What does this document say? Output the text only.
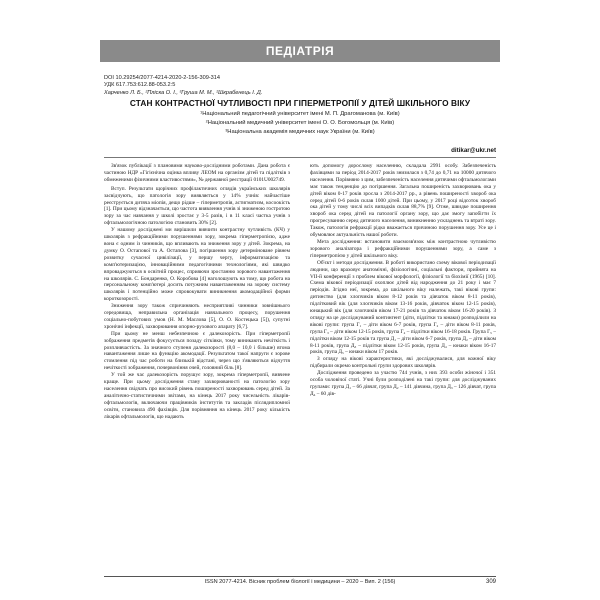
ПЕДІАТРІЯ
DOI 10.29254/2077-4214-2020-2-156-309-314
УДК 617.753:612.88-053.2:5
Харченко Л. Б., ²Пліска О. І., ³Груша М. М., ²Шкрабенець І. Д.
СТАН КОНТРАСТНОЇ ЧУТЛИВОСТІ ПРИ ГІПЕРМЕТРОПІЇ У ДІТЕЙ ШКІЛЬНОГО ВІКУ
¹Національний педагогічний університет імені М. П. Драгоманова (м. Київ)
²Національний медичний університет імені О. О. Богомольця (м. Київ)
³Національна академія медичних наук України (м. Київ)
ditikar@ukr.net

Зв'язок публікації з плановими науково-дослідними роботами. Дана робота є частиною НДР «Гігієнічна оцінка впливу ЛЕОМ на організм дітей та підлітків з обмеженими фізичними властивостями», № державної реєстрації 0101U002749.

Вступ. Результати щорічних профілактичних оглядів українських школярів засвідчують, що патологія зору виявляється у 14% учнів: найчастіше реєструється дитяча міопія, дещо рідше – гіперметропія, астигматизм, косоокість [1]. При цьому відзначається, що частота виявлення учнів зі зниженою гостротою зору за час навчання у школі зростає у 3-5 разів, і в 11 класі частка учнів з офтальмологічною патологією становить 30% [2].

У нашому досліджені ми вирішили вивчити контрастну чутливість (КЧ) у школярів з рефракційними порушеннями зору, зокрема гіперметропією, адже вона є одним із чинників, що впливають на зниження зору у дітей. Зокрема, на думку О. Остапової та А. Остапова [3], погіршення зору детерміноване рівнем розвитку сучасної цивілізації, у першу чергу, інформатизацією та комп'ютеризацією, інноваційними педагогічними технологіями, які швидко впроваджуються в освітній процес, сприяючи зростанню зорового навантаження на школярів. С. Бондаренко, О. Коробова [4] наголошують на тому, що робота на персональному комп'ютері досить потужним навантаженням на зорову систему школярів і потенційно може спровокувати виникнення акомодаційної форми короткозорості.

Зниження зору також спричиняють несприятливі чинники зовнішнього середовища, неправильна організація навчального процесу, порушення соціально-побутових умов (Н. М. Маслова [5], О. О. Костецька [5]), супутні хронічні інфекції, захворювання опорно-рухового апарату [6,7].

При цьому не менш небезпечною є далекозорість. При гіперметропії зображення предметів фокусується позаду сітківки, тому виникають нечіткість і розпливчастість. За значного ступеня далекозорості (8,0 – 10,0 і більше) втома навантаження лише на функцію акомодації. Результатом такої напруги є зорове стомлення під час роботи на близькій відстані, через що з'являються відчуття нечіткості зображення, почервоніння очей, головний біль [8].

У той же час далекозорість порушує зору, зокрема гіперметропії, вивчене краще. При цьому дослідження стану захворюваності на патологію зору населення свідчать про високий рівень поширеності захворювань серед дітей. За аналітично-статистичними звітами, на кінець 2017 року чисельність лікарів-офтальмологів, включаючи працівників інститутів та закладів післядипломної освіти, становила 490 фахівців. Для порівняння на кінець 2017 року кількість лікарів офтальмологів, що надають

ють допомогу дорослому населенню, складала 2991 особу. Забезпеченість фахівцями за період 2014-2017 років знизилася з 0,74 до 0,71 на 10000 дитячого населення. Порівняно з цим, забезпеченість населення дитячими офтальмологами має також тенденцію до погіршення. Загальна поширеність захворювань ока у дітей віком 0-17 років зросла з 2014-2017 рр., а рівень поширеності хвороб ока серед дітей 0-6 років склав 1000 дітей. При цьому, у 2017 році відсоток хвороб ока дітей у тому числі всіх випадків склав 88,7% [9]. Отже, швидке поширення хвороб ока серед дітей на патології органу зору, що дає змогу запобігти їх прогресуванню серед дитячого населення, виникненню ускладнень та втраті зору. Також, патологія рефракції рідко вважається причиною порушення зору. Усе це і обумовлює актуальність нашої роботи.

Мета дослідження: встановити взаємозв'язок між контрастною чутливістю зорового аналізатора і рефракційними порушеннями зору, а саме з гіперметропією у дітей шкільного віку.

Об'єкт і методи дослідження. В роботі використано схему вікової періодизації людини, що враховує анатомічні, фізіологічні, соціальні фактори, прийнята на VII-й конференції з проблем вікової морфології, фізіології та біохімії (1965) [10]. Схема вікової періодизації охоплює дітей від народження до 21 року і має 7 періодів. Згідно неї, зокрема, до шкільного віку належать, такі вікові групи: дитинство (для хлопчиків віком 8-12 років та дівчаток віком 8-11 років), підлітковий вік (для хлопчиків віком 13-16 років, дівчаток віком 12-15 років), юнацький вік (для хлопчиків віком 17-21 років та дівчаток віком 16-20 років). З огляду на це досліджуваний контингент (діти, підлітки та юнаки) розподілили на вікові групи: група Г₁ – діти віком 6-7 років, група Г₂ – діти віком 8-11 років, група Г₃ – діти віком 12-15 років, група Г₄ – підлітки віком 16-18 років. Група Г₅ – підлітки віком 12-15 років та група Д₁ – діти віком 6-7 років, група Д₂ – діти віком 8-11 років, група Д₃ – підлітки віком 12-15 років, група Д₄ – юнаки віком 16-17 років, група Д₅ – юнаки віком 17 років.

З огляду на вікові характеристики, які досліджувалися, для кожної віку підбирали окремо контрольні групи здорових школярів.

Дослідження проведено за участю 744 учнів, з них 393 особи жіночої і 351 особа чоловічої статі. Учні були розподілені на такі групи: для досліджуваних групами: група Д₁ – 66 дівчат, група Д₂ – 141 дівчина, група Д₃ – 126 дівчат, група Д₄ – 60 дів-

ISSN 2077-4214. Вісник проблем біології і медицини – 2020 – Вип. 2 (156)	309
